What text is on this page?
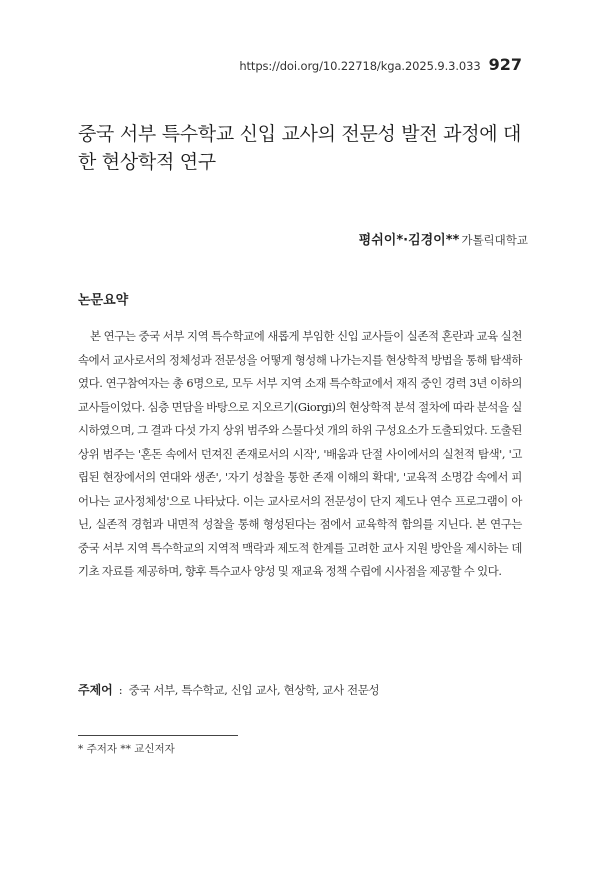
https://doi.org/10.22718/kga.2025.9.3.033 927
중국 서부 특수학교 신입 교사의 전문성 발전 과정에 대한 현상학적 연구
평쉬이*·김경이** 가톨릭대학교
논문요약

본 연구는 중국 서부 지역 특수학교에 새롭게 부임한 신입 교사들이 실존적 혼란과 교육 실천 속에서 교사로서의 정체성과 전문성을 어떻게 형성해 나가는지를 현상학적 방법을 통해 탐색하였다. 연구참여자는 총 6명으로, 모두 서부 지역 소재 특수학교에서 재직 중인 경력 3년 이하의 교사들이었다. 심층 면담을 바탕으로 지오르기(Giorgi)의 현상학적 분석 절차에 따라 분석을 실시하였으며, 그 결과 다섯 가지 상위 범주와 스물다섯 개의 하위 구성요소가 도출되었다. 도출된 상위 범주는 '혼돈 속에서 던져진 존재로서의 시작', '배움과 단절 사이에서의 실천적 탐색', '고립된 현장에서의 연대와 생존', '자기 성찰을 통한 존재 이해의 확대', '교육적 소명감 속에서 피어나는 교사정체성'으로 나타났다. 이는 교사로서의 전문성이 단지 제도나 연수 프로그램이 아닌, 실존적 경험과 내면적 성찰을 통해 형성된다는 점에서 교육학적 함의를 지닌다. 본 연구는 중국 서부 지역 특수학교의 지역적 맥락과 제도적 한계를 고려한 교사 지원 방안을 제시하는 데 기초 자료를 제공하며, 향후 특수교사 양성 및 재교육 정책 수립에 시사점을 제공할 수 있다.

주제어 : 중국 서부, 특수학교, 신입 교사, 현상학, 교사 전문성
* 주저자 ** 교신저자
